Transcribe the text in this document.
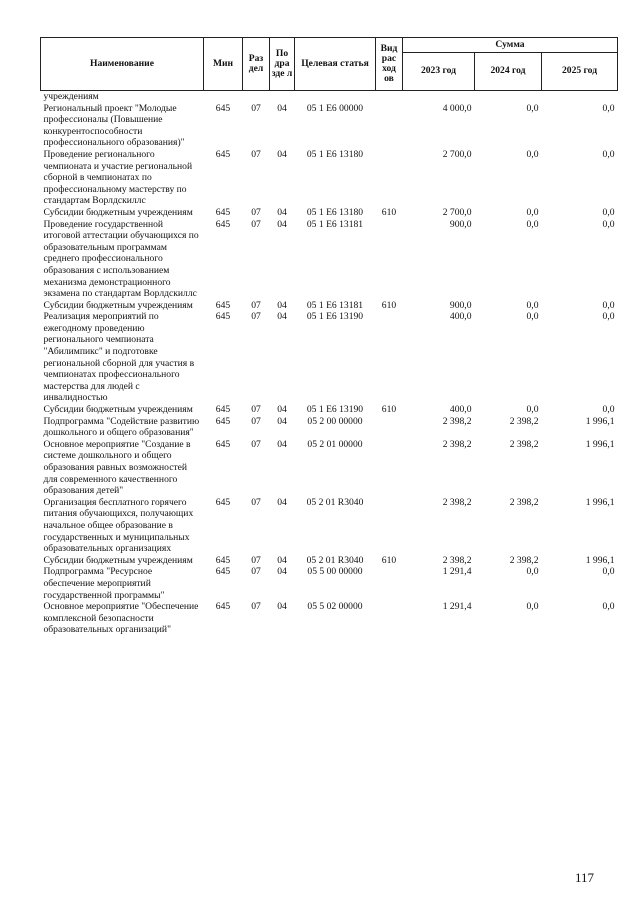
Наименование	Мин	Раз дел	По дра зде л	Целевая статья	Вид рас ход ов	Сумма		
						2023 год	2024 год	2025 год
учреждениям								
Региональный проект "Молодые профессионалы (Повышение конкурентоспособности профессионального образования)"	645	07	04	05 1 E6 00000		4 000,0	0,0	0,0
Проведение регионального чемпионата и участие региональной сборной в чемпионатах по профессиональному мастерству по стандартам Ворлдскиллс	645	07	04	05 1 E6 13180		2 700,0	0,0	0,0
Субсидии бюджетным учреждениям	645	07	04	05 1 E6 13180	610	2 700,0	0,0	0,0
Проведение государственной итоговой аттестации обучающихся по образовательным программам среднего профессионального образования с использованием механизма демонстрационного экзамена по стандартам Ворлдскиллс	645	07	04	05 1 E6 13181		900,0	0,0	0,0
Субсидии бюджетным учреждениям	645	07	04	05 1 E6 13181	610	900,0	0,0	0,0
Реализация мероприятий по ежегодному проведению регионального чемпионата "Абилимпикс" и подготовке региональной сборной для участия в чемпионатах профессионального мастерства для людей с инвалидностью	645	07	04	05 1 E6 13190		400,0	0,0	0,0
Субсидии бюджетным учреждениям	645	07	04	05 1 E6 13190	610	400,0	0,0	0,0
Подпрограмма "Содействие развитию дошкольного и общего образования"	645	07	04	05 2 00 00000		2 398,2	2 398,2	1 996,1
Основное мероприятие "Создание в системе дошкольного и общего образования равных возможностей для современного качественного образования детей"	645	07	04	05 2 01 00000		2 398,2	2 398,2	1 996,1
Организация бесплатного горячего питания обучающихся, получающих начальное общее образование в государственных и муниципальных образовательных организациях	645	07	04	05 2 01 R3040		2 398,2	2 398,2	1 996,1
Субсидии бюджетным учреждениям	645	07	04	05 2 01 R3040	610	2 398,2	2 398,2	1 996,1
Подпрограмма "Ресурсное обеспечение мероприятий государственной программы"	645	07	04	05 5 00 00000		1 291,4	0,0	0,0
Основное мероприятие "Обеспечение комплексной безопасности образовательных организаций"	645	07	04	05 5 02 00000		1 291,4	0,0	0,0
117
